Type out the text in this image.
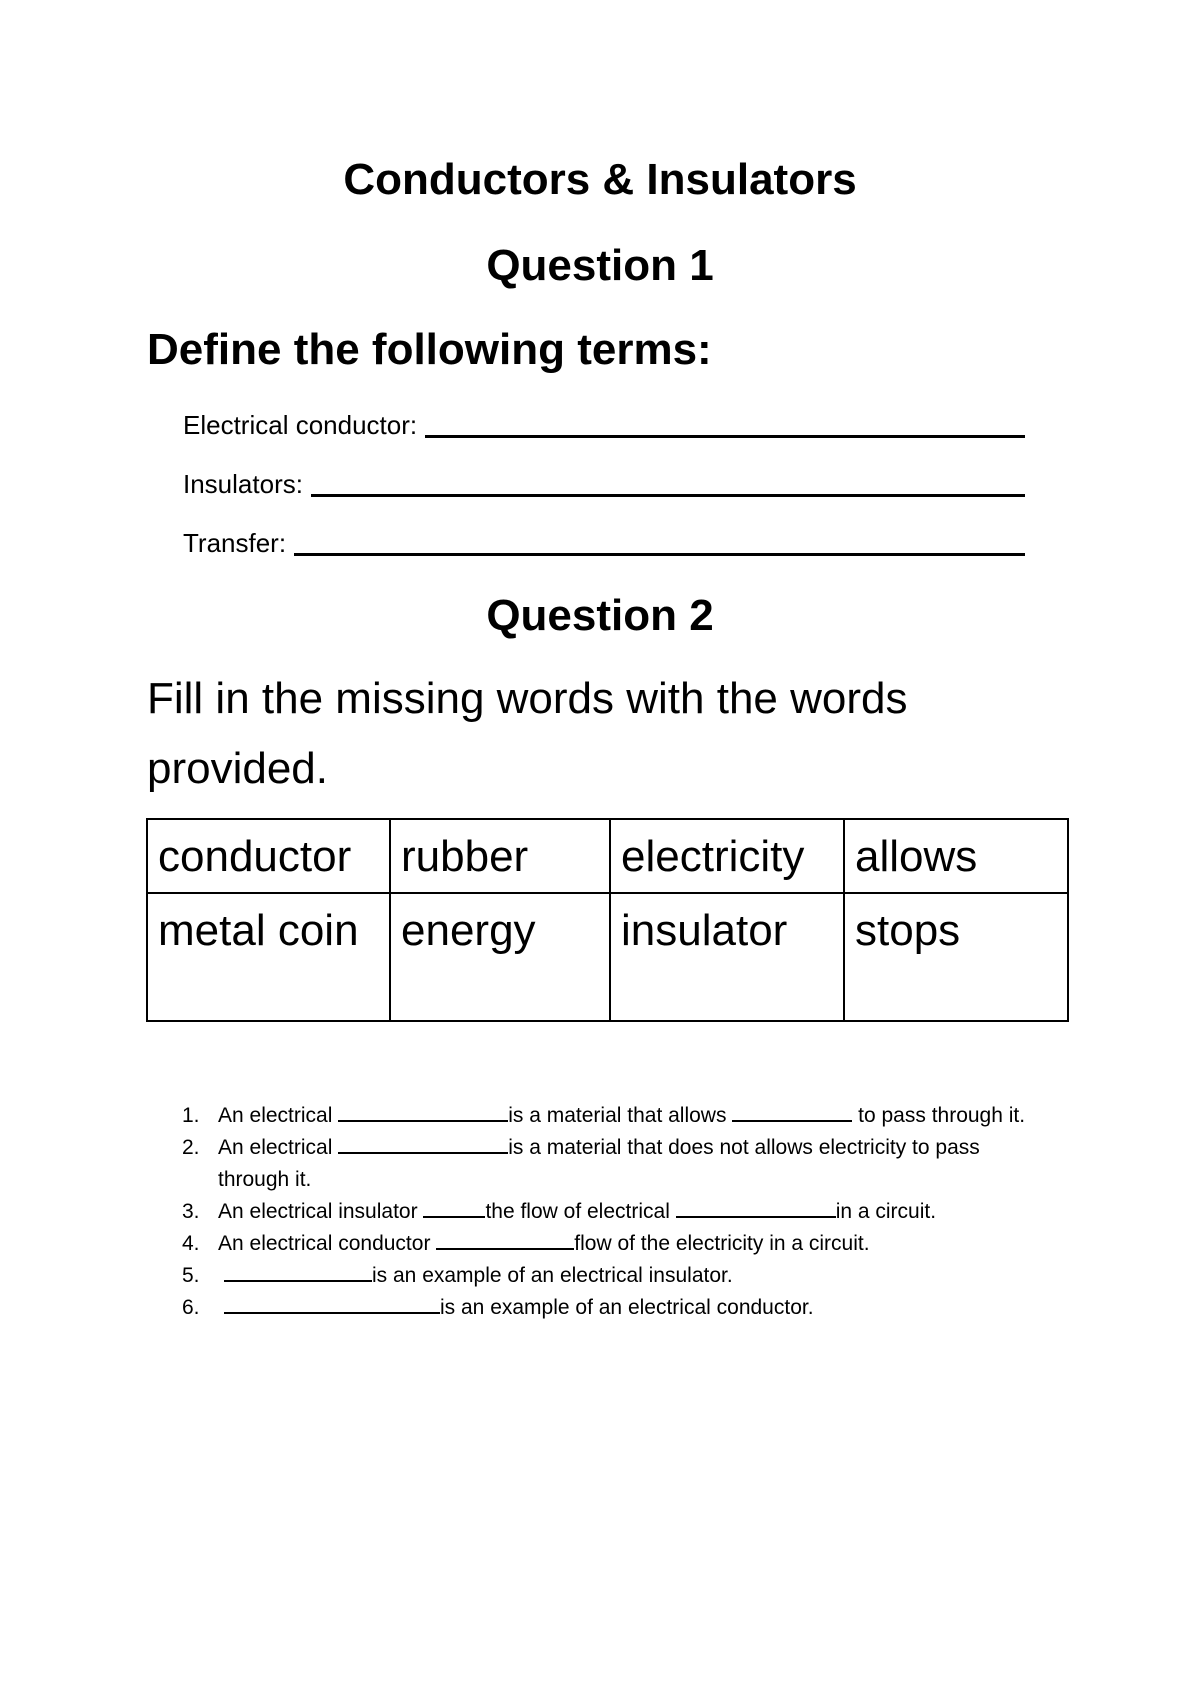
Conductors & Insulators
Question 1

Define the following terms:

Electrical conductor:
Insulators:
Transfer:
Question 2

Fill in the missing words with the words provided.

conductor	rubber	electricity	allows
metal coin	energy	insulator	stops
1. An electrical	is a material that allows	to pass through it.
2. An electrical	is a material that does not allows electricity to pass through it.
3. An electrical insulator	the flow of electrical	in a circuit.
4. An electrical conductor	flow of the electricity in a circuit.
5.	is an example of an electrical insulator.
6.	is an example of an electrical conductor.
